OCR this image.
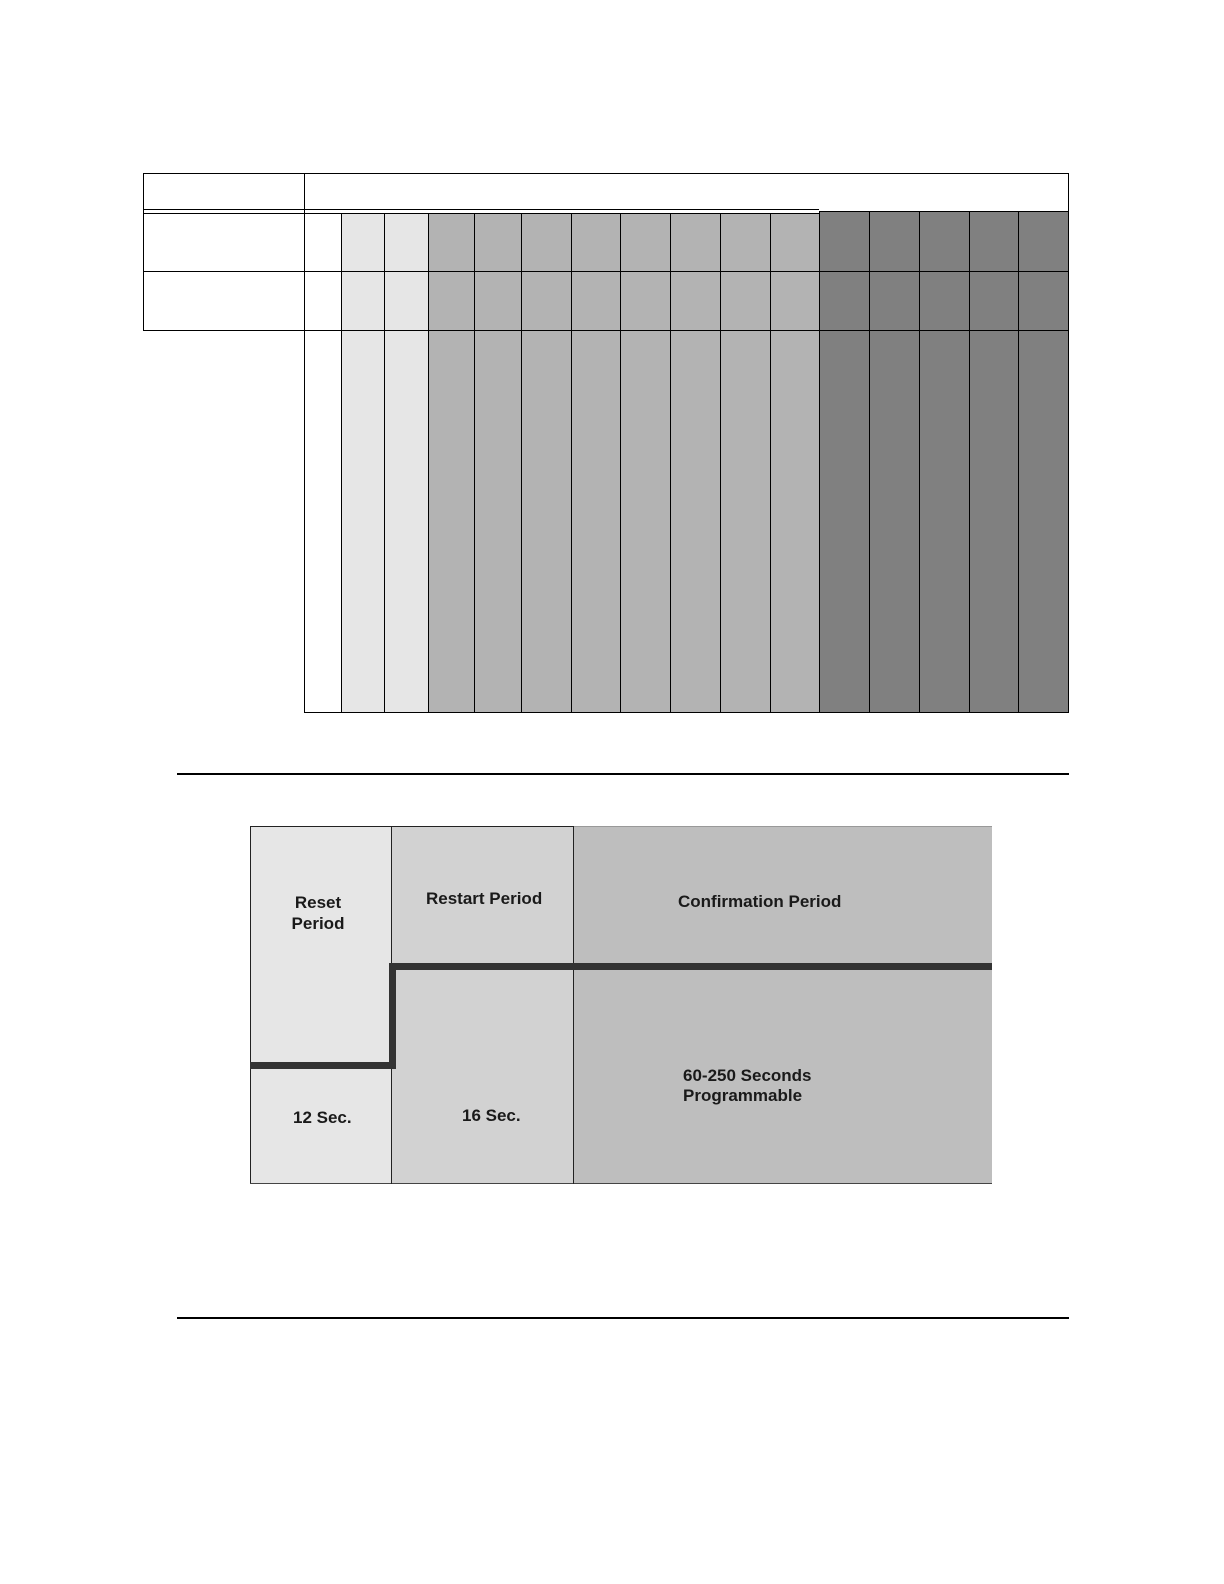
Reset
Period
Restart Period	Confirmation Period
12 Sec.	16 Sec.
60-250 Seconds
Programmable
